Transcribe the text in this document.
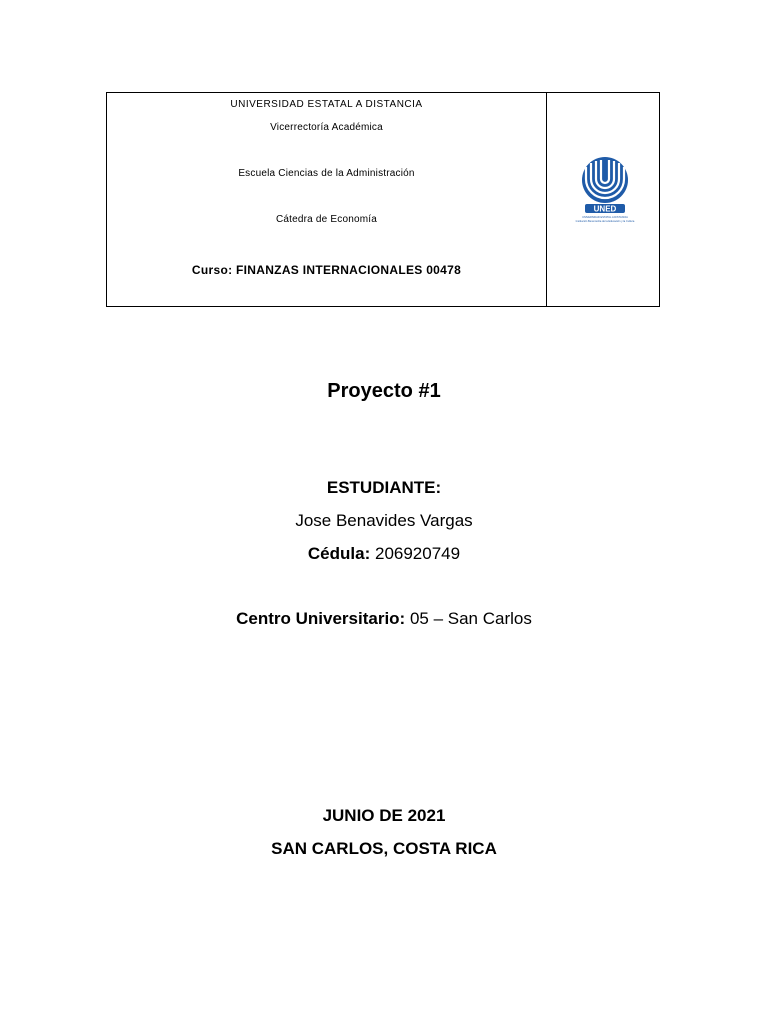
UNIVERSIDAD ESTATAL A DISTANCIA
Vicerrectoría Académica
Escuela Ciencias de la Administración
Cátedra de Economía
Curso: FINANZAS INTERNACIONALES 00478
UNED
UNIVERSIDAD ESTATAL A DISTANCIA
Institución Benemérita de la Educación y la Cultura
Proyecto #1
ESTUDIANTE:
Jose Benavides Vargas
Cédula: 206920749
Centro Universitario: 05 – San Carlos
JUNIO DE 2021
SAN CARLOS, COSTA RICA
